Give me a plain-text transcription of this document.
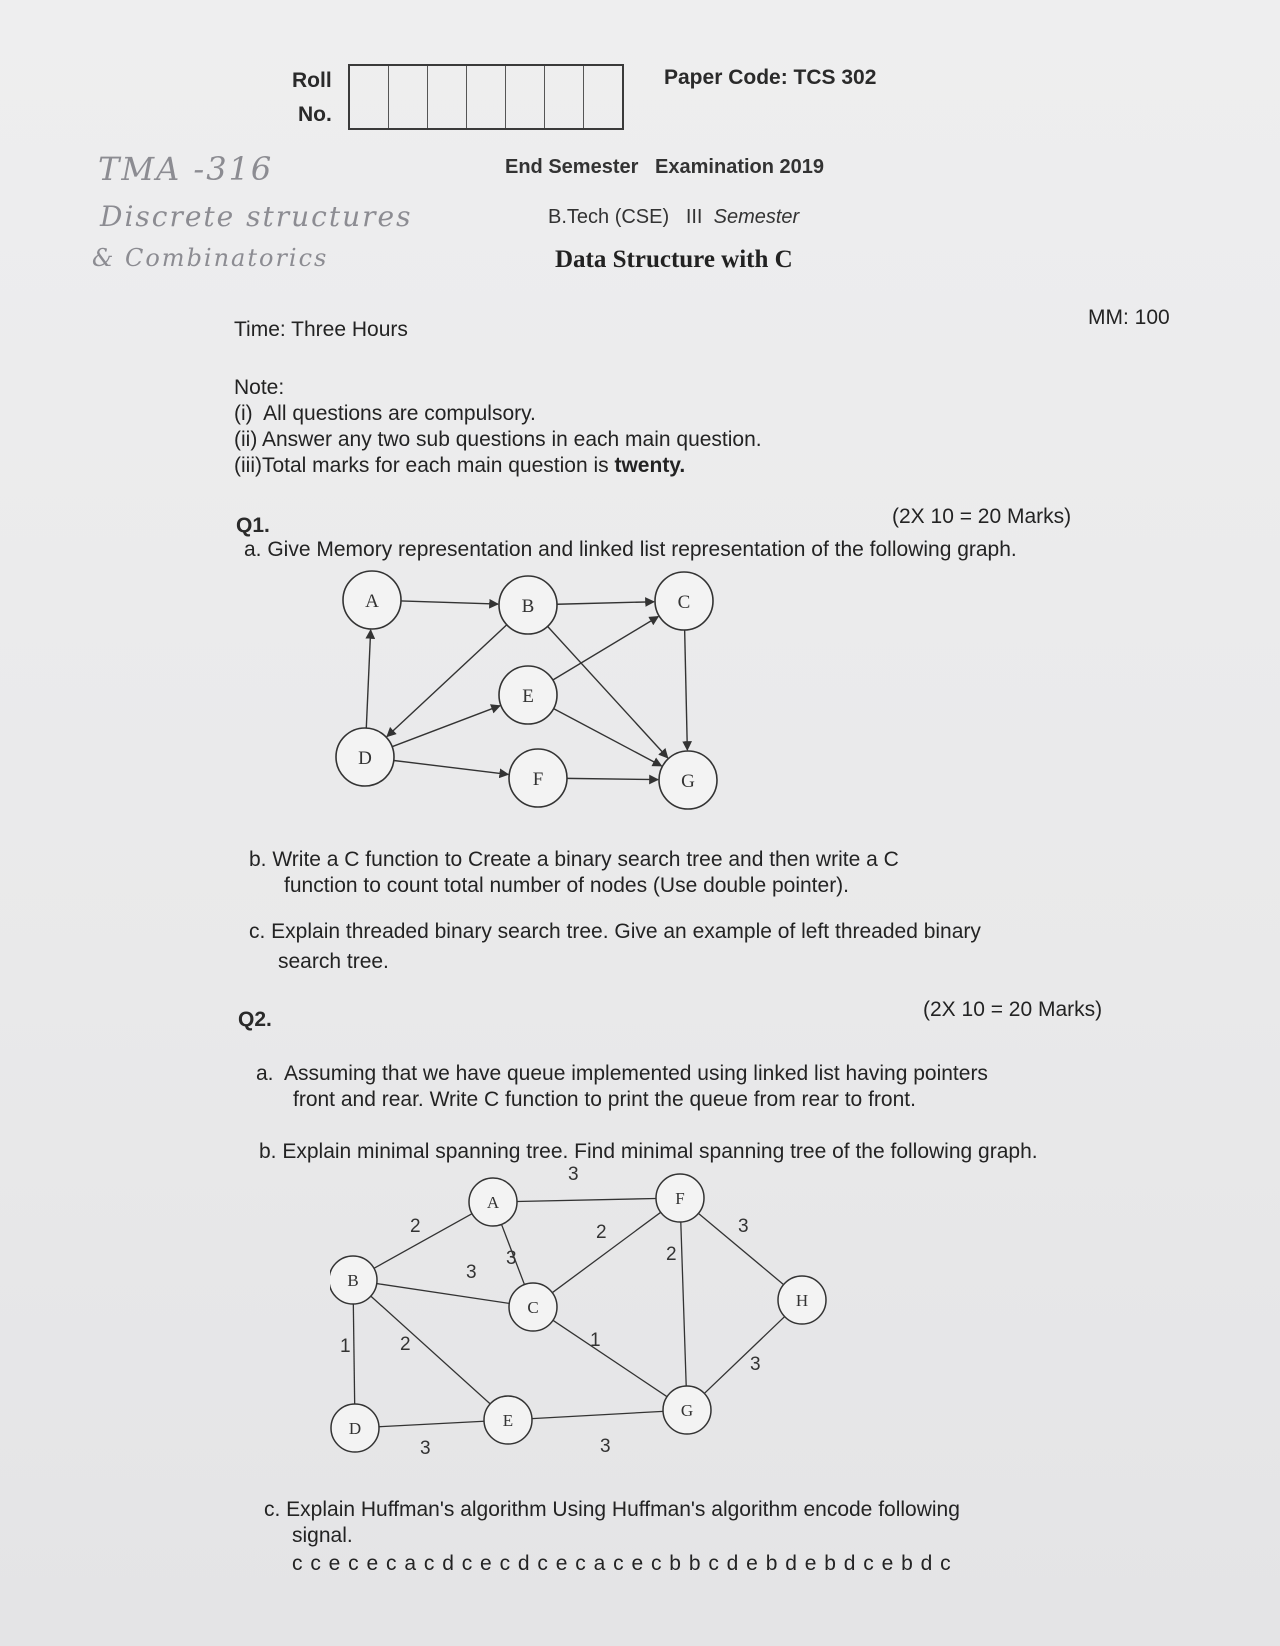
Roll
No.
Paper Code: TCS 302
TMA -316
Discrete structures
& Combinatorics
End Semester   Examination 2019
B.Tech (CSE)   III Semester
Data Structure with C
Time: Three Hours
MM: 100
Note:
(i)  All questions are compulsory.
(ii) Answer any two sub questions in each main question.
(iii)Total marks for each main question is twenty.
Q1.	(2X 10 = 20 Marks)
a. Give Memory representation and linked list representation of the following graph.
A	B	C
D
E
F	G
b. Write a C function to Create a binary search tree and then write a C
function to count total number of nodes (Use double pointer).
c. Explain threaded binary search tree. Give an example of left threaded binary
search tree.
Q2.	(2X 10 = 20 Marks)
a.  Assuming that we have queue implemented using linked list having pointers
front and rear. Write C function to print the queue from rear to front.
b. Explain minimal spanning tree. Find minimal spanning tree of the following graph.
2
3
3
3
1	2
2
1
2
3
3
3	3
A
B
C
D	E
F
G
H
c. Explain Huffman's algorithm Using Huffman's algorithm encode following
signal.
c c e c e c a c d c e c d c e c a c e c b b c d e b d e b d c e b d c
